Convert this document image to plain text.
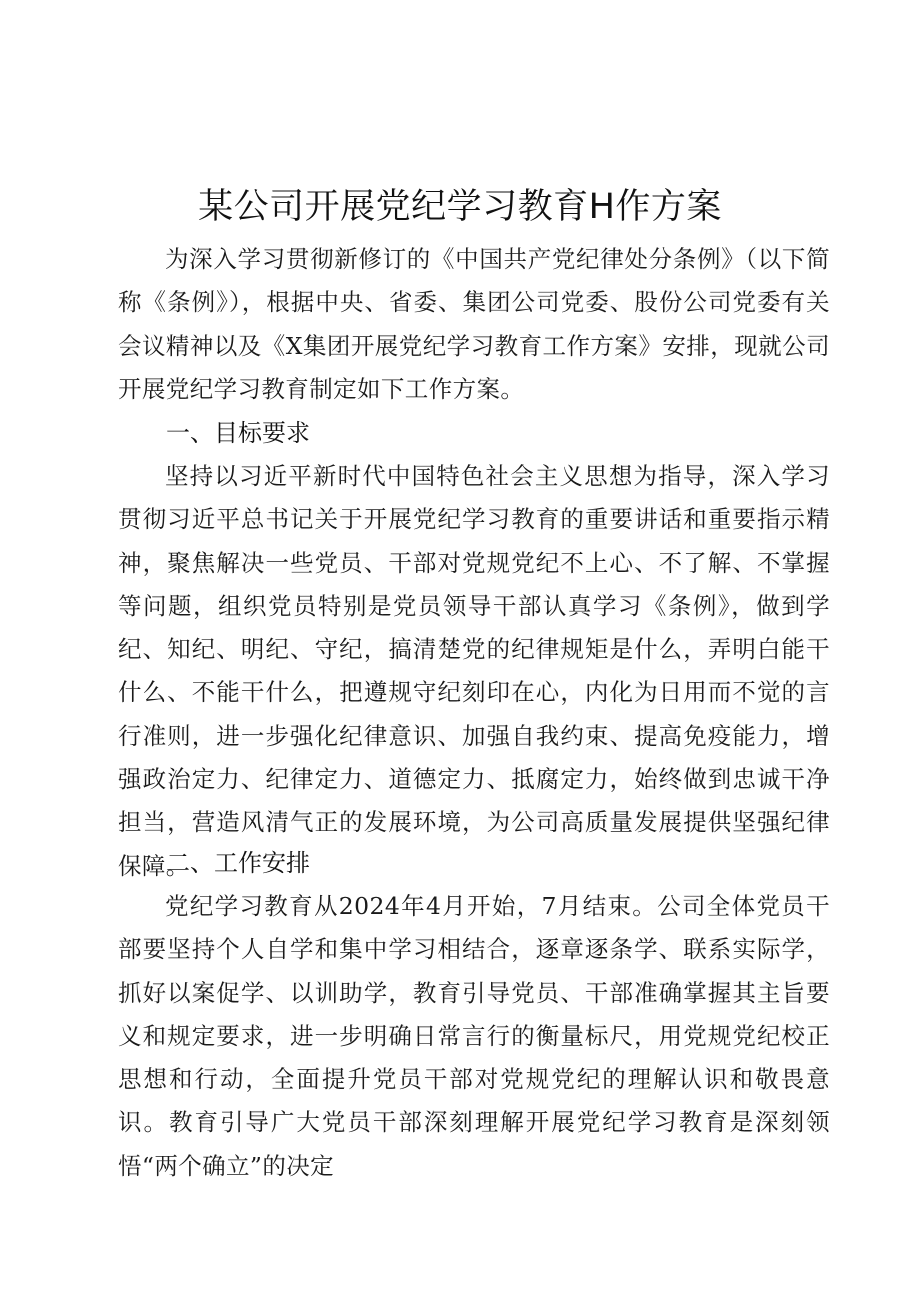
某公司开展党纪学习教育H作方案

为深入学习贯彻新修订的《中国共产党纪律处分条例》（以下简称《条例》），根据中央、省委、集团公司党委、股份公司党委有关会议精神以及《X集团开展党纪学习教育工作方案》安排，现就公司开展党纪学习教育制定如下工作方案。

一、目标要求

坚持以习近平新时代中国特色社会主义思想为指导，深入学习贯彻习近平总书记关于开展党纪学习教育的重要讲话和重要指示精神，聚焦解决一些党员、干部对党规党纪不上心、不了解、不掌握等问题，组织党员特别是党员领导干部认真学习《条例》，做到学纪、知纪、明纪、守纪，搞清楚党的纪律规矩是什么，弄明白能干什么、不能干什么，把遵规守纪刻印在心，内化为日用而不觉的言行准则，进一步强化纪律意识、加强自我约束、提高免疫能力，增强政治定力、纪律定力、道德定力、抵腐定力，始终做到忠诚干净担当，营造风清气正的发展环境，为公司高质量发展提供坚强纪律保障。

二、工作安排

党纪学习教育从2024年4月开始，7月结束。公司全体党员干部要坚持个人自学和集中学习相结合，逐章逐条学、联系实际学，抓好以案促学、以训助学，教育引导党员、干部准确掌握其主旨要义和规定要求，进一步明确日常言行的衡量标尺，用党规党纪校正思想和行动，全面提升党员干部对党规党纪的理解认识和敬畏意识。教育引导广大党员干部深刻理解开展党纪学习教育是深刻领悟“两个确立”的决定
